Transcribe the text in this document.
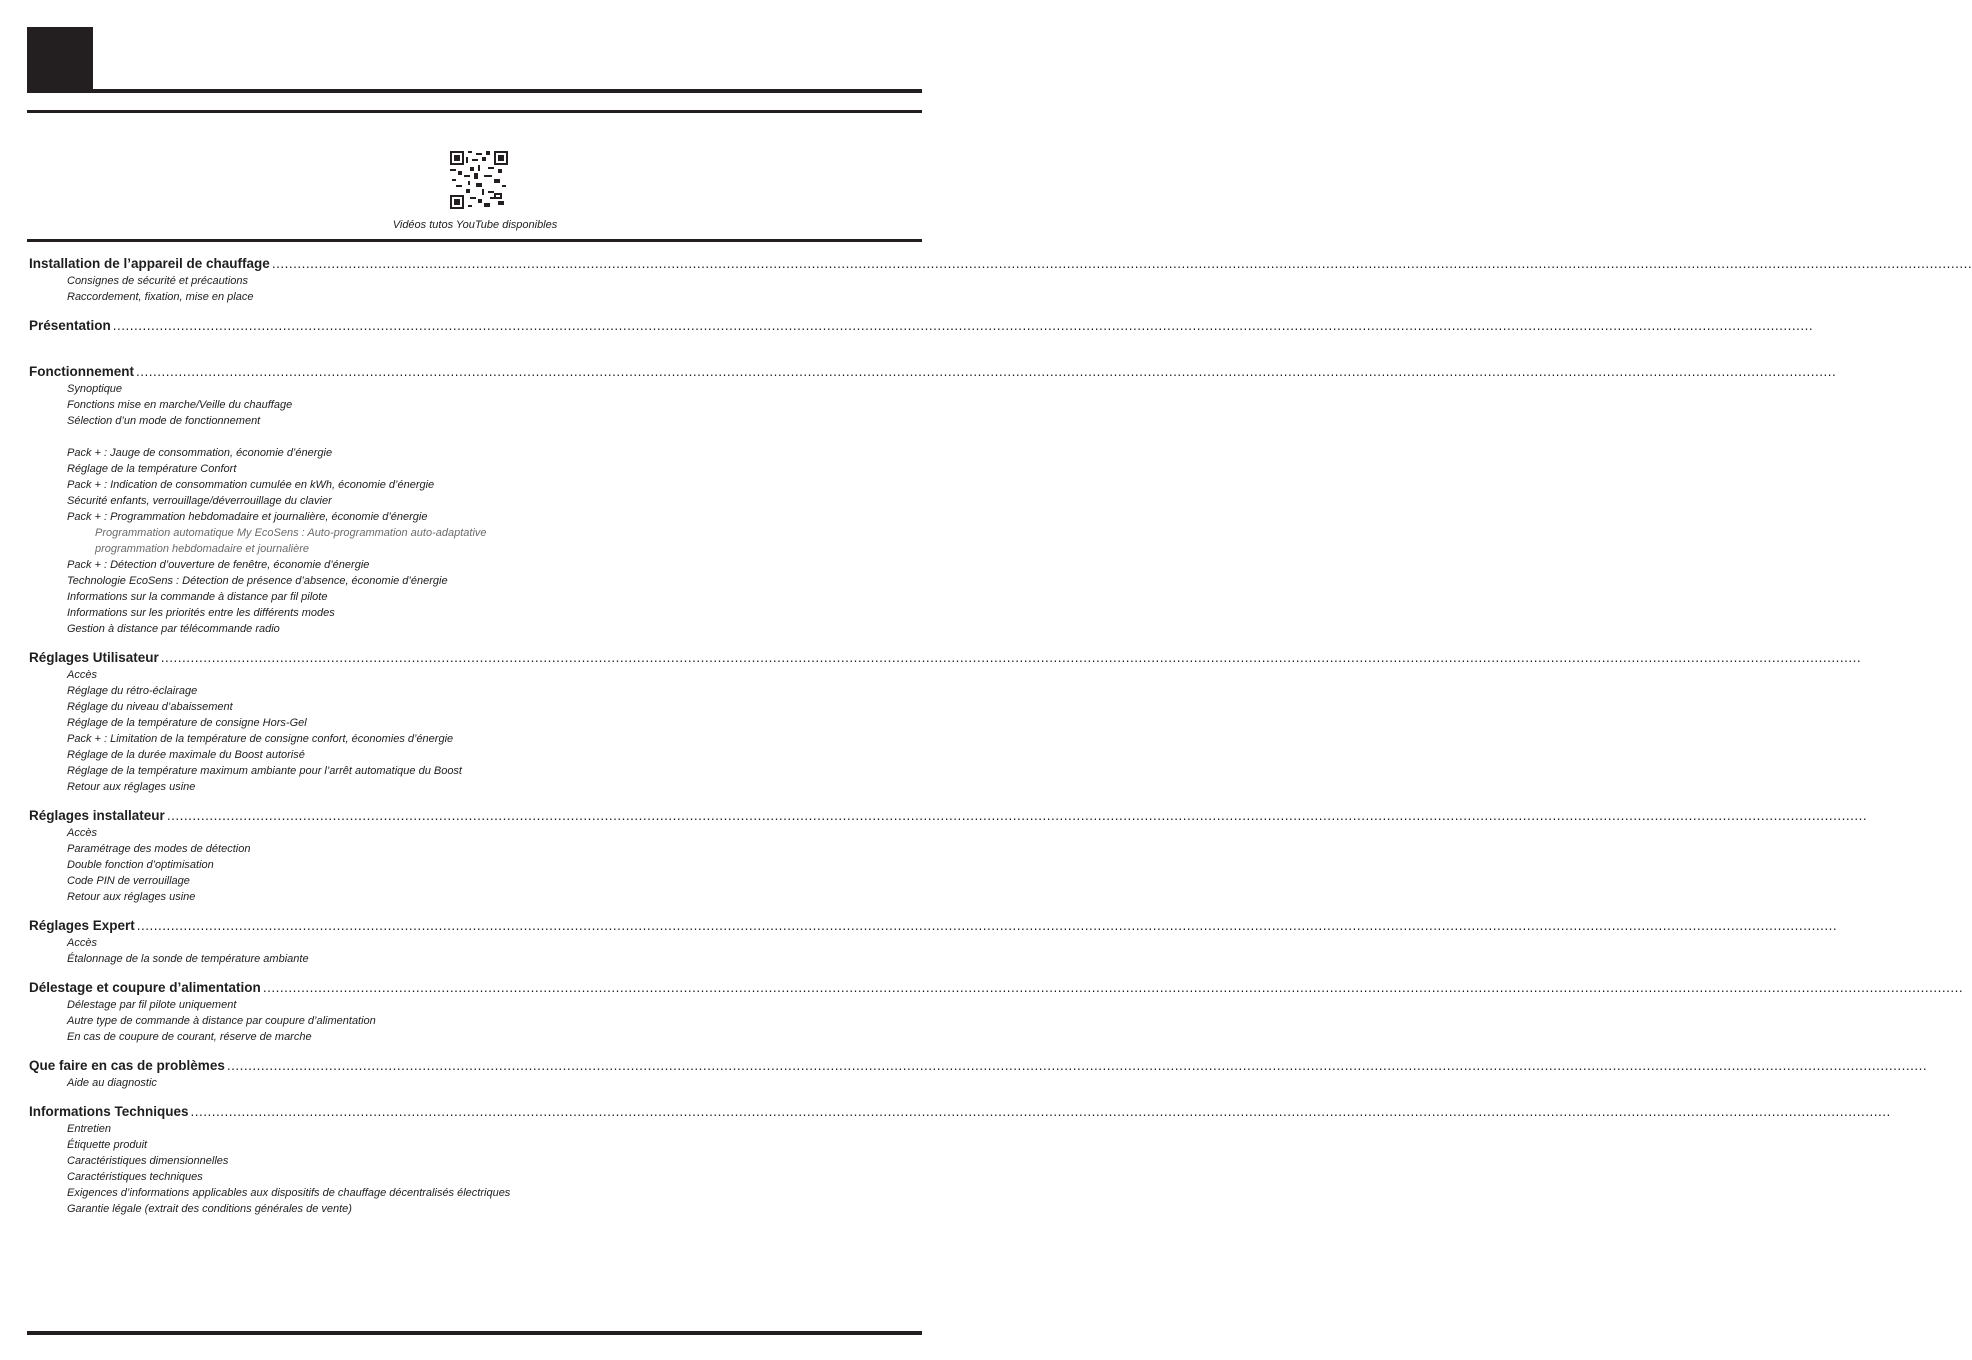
Vidéos tutos YouTube disponibles
Installation de l’appareil de chauffage ................................................................................................................................................................................................................................................................................................................................................................................................................
Consignes de sécurité et précautions
Raccordement, fixation, mise en place
Présentation ................................................................................................................................................................................................................................................................................................................................................................................................................
Fonctionnement ................................................................................................................................................................................................................................................................................................................................................................................................................
Synoptique
Fonctions mise en marche/Veille du chauffage
Sélection d’un mode de fonctionnement
Pack + : Jauge de consommation, économie d’énergie
Réglage de la température Confort
Pack + : Indication de consommation cumulée en kWh, économie d’énergie
Sécurité enfants, verrouillage/déverrouillage du clavier
Pack + : Programmation hebdomadaire et journalière, économie d’énergie
Programmation automatique My EcoSens : Auto-programmation auto-adaptative
programmation hebdomadaire et journalière
Pack + : Détection d’ouverture de fenêtre, économie d’énergie
Technologie EcoSens : Détection de présence d’absence, économie d’énergie
Informations sur la commande à distance par fil pilote
Informations sur les priorités entre les différents modes
Gestion à distance par télécommande radio
Réglages Utilisateur ................................................................................................................................................................................................................................................................................................................................................................................................................
Accès
Réglage du rétro-éclairage
Réglage du niveau d’abaissement
Réglage de la température de consigne Hors-Gel
Pack + : Limitation de la température de consigne confort, économies d’énergie
Réglage de la durée maximale du Boost autorisé
Réglage de la température maximum ambiante pour l’arrêt automatique du Boost
Retour aux réglages usine
Réglages installateur ................................................................................................................................................................................................................................................................................................................................................................................................................
Accès
Paramétrage des modes de détection
Double fonction d’optimisation
Code PIN de verrouillage
Retour aux réglages usine
Réglages Expert ................................................................................................................................................................................................................................................................................................................................................................................................................
Accès
Étalonnage de la sonde de température ambiante
Délestage et coupure d’alimentation ................................................................................................................................................................................................................................................................................................................................................................................................................
Délestage par fil pilote uniquement
Autre type de commande à distance par coupure d’alimentation
En cas de coupure de courant, réserve de marche
Que faire en cas de problèmes ................................................................................................................................................................................................................................................................................................................................................................................................................
Aide au diagnostic
Informations Techniques ................................................................................................................................................................................................................................................................................................................................................................................................................
Entretien
Étiquette produit
Caractéristiques dimensionnelles
Caractéristiques techniques
Exigences d’informations applicables aux dispositifs de chauffage décentralisés électriques
Garantie légale (extrait des conditions générales de vente)
